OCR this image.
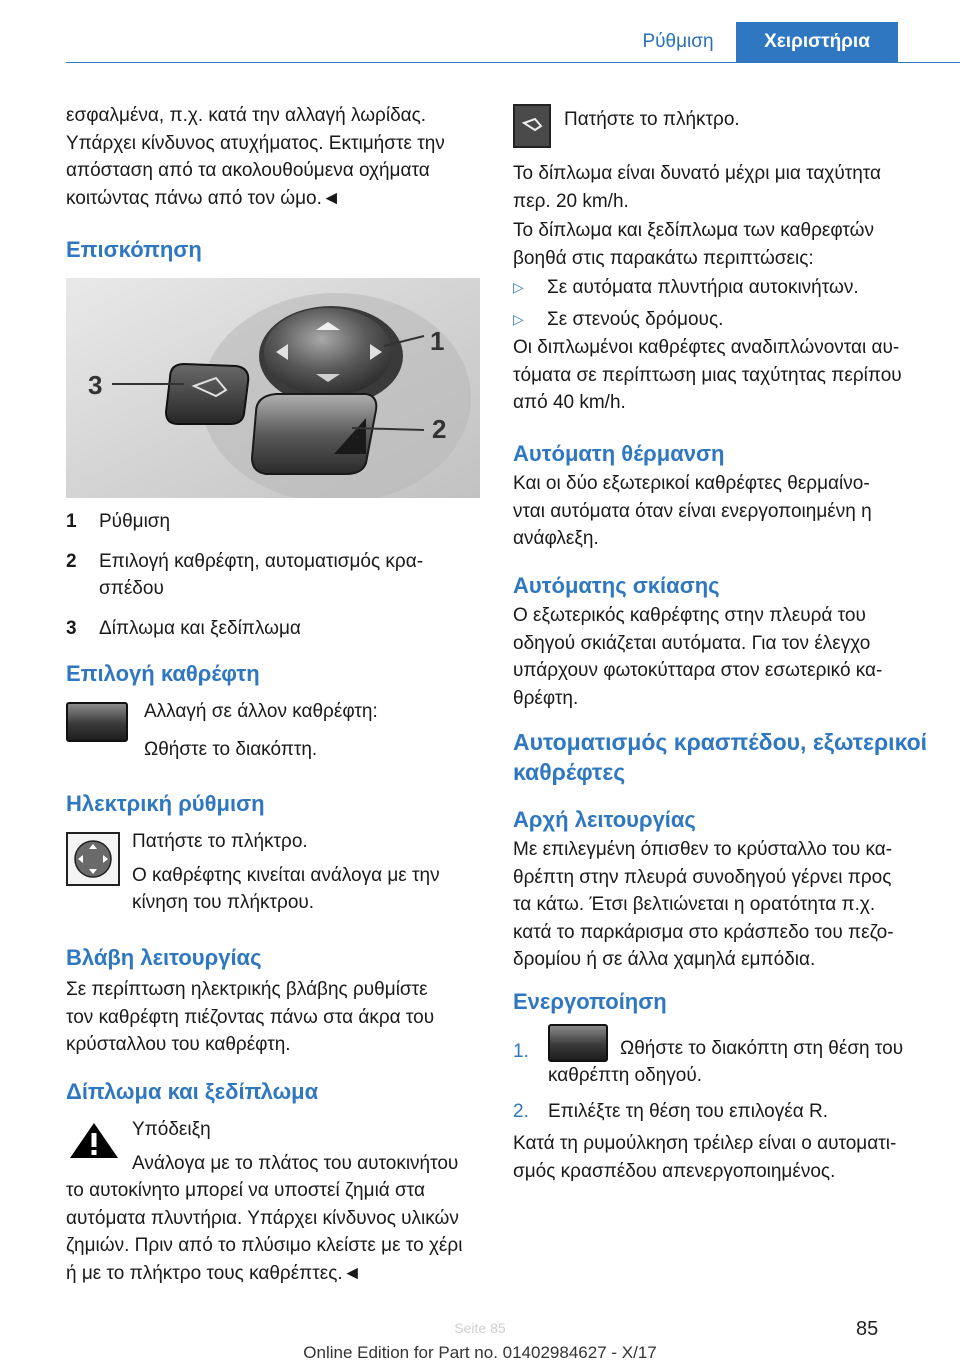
Ρύθμιση	Χειριστήρια

εσφαλμένα, π.χ. κατά την αλλαγή λωρίδας.

Υπάρχει κίνδυνος ατυχήματος. Εκτιμήστε την

απόσταση από τα ακολουθούμενα οχήματα

κοιτώντας πάνω από τον ώμο.◄

Επισκόπηση
1
2
3
1	Ρύθμιση
2	Επιλογή καθρέφτη, αυτοματισμός κρα-
σπέδου
3	Δίπλωμα και ξεδίπλωμα
Επιλογή καθρέφτη

Αλλαγή σε άλλον καθρέφτη:

Ωθήστε το διακόπτη.

Ηλεκτρική ρύθμιση

Πατήστε το πλήκτρο.

Ο καθρέφτης κινείται ανάλογα με την

κίνηση του πλήκτρου.

Βλάβη λειτουργίας

Σε περίπτωση ηλεκτρικής βλάβης ρυθμίστε

τον καθρέφτη πιέζοντας πάνω στα άκρα του

κρύσταλλου του καθρέφτη.

Δίπλωμα και ξεδίπλωμα

Υπόδειξη

Ανάλογα με το πλάτος του αυτοκινήτου

το αυτοκίνητο μπορεί να υποστεί ζημιά στα

αυτόματα πλυντήρια. Υπάρχει κίνδυνος υλικών

ζημιών. Πριν από το πλύσιμο κλείστε με το χέρι

ή με το πλήκτρο τους καθρέπτες.◄

Πατήστε το πλήκτρο.

Το δίπλωμα είναι δυνατό μέχρι μια ταχύτητα

περ. 20 km/h.

Το δίπλωμα και ξεδίπλωμα των καθρεφτών

βοηθά στις παρακάτω περιπτώσεις:

▷	Σε αυτόματα πλυντήρια αυτοκινήτων.
▷	Σε στενούς δρόμους.

Οι διπλωμένοι καθρέφτες αναδιπλώνονται αυ-

τόματα σε περίπτωση μιας ταχύτητας περίπου

από 40 km/h.

Αυτόματη θέρμανση

Και οι δύο εξωτερικοί καθρέφτες θερμαίνο-

νται αυτόματα όταν είναι ενεργοποιημένη η

ανάφλεξη.

Αυτόματης σκίασης

Ο εξωτερικός καθρέφτης στην πλευρά του

οδηγού σκιάζεται αυτόματα. Για τον έλεγχο

υπάρχουν φωτοκύτταρα στον εσωτερικό κα-

θρέφτη.

Αυτοματισμός κρασπέδου, εξωτερικοί

καθρέφτες

Αρχή λειτουργίας

Με επιλεγμένη όπισθεν το κρύσταλλο του κα-

θρέπτη στην πλευρά συνοδηγού γέρνει προς

τα κάτω. Έτσι βελτιώνεται η ορατότητα π.χ.

κατά το παρκάρισμα στο κράσπεδο του πεζο-

δρομίου ή σε άλλα χαμηλά εμπόδια.

Ενεργοποίηση
1.	Ωθήστε το διακόπτη στη θέση του

καθρέπτη οδηγού.

2.	Επιλέξτε τη θέση του επιλογέα R.

Κατά τη ρυμούλκηση τρέιλερ είναι ο αυτοματι-

σμός κρασπέδου απενεργοποιημένος.

85
Seite 85
Online Edition for Part no. 01402984627 - X/17
